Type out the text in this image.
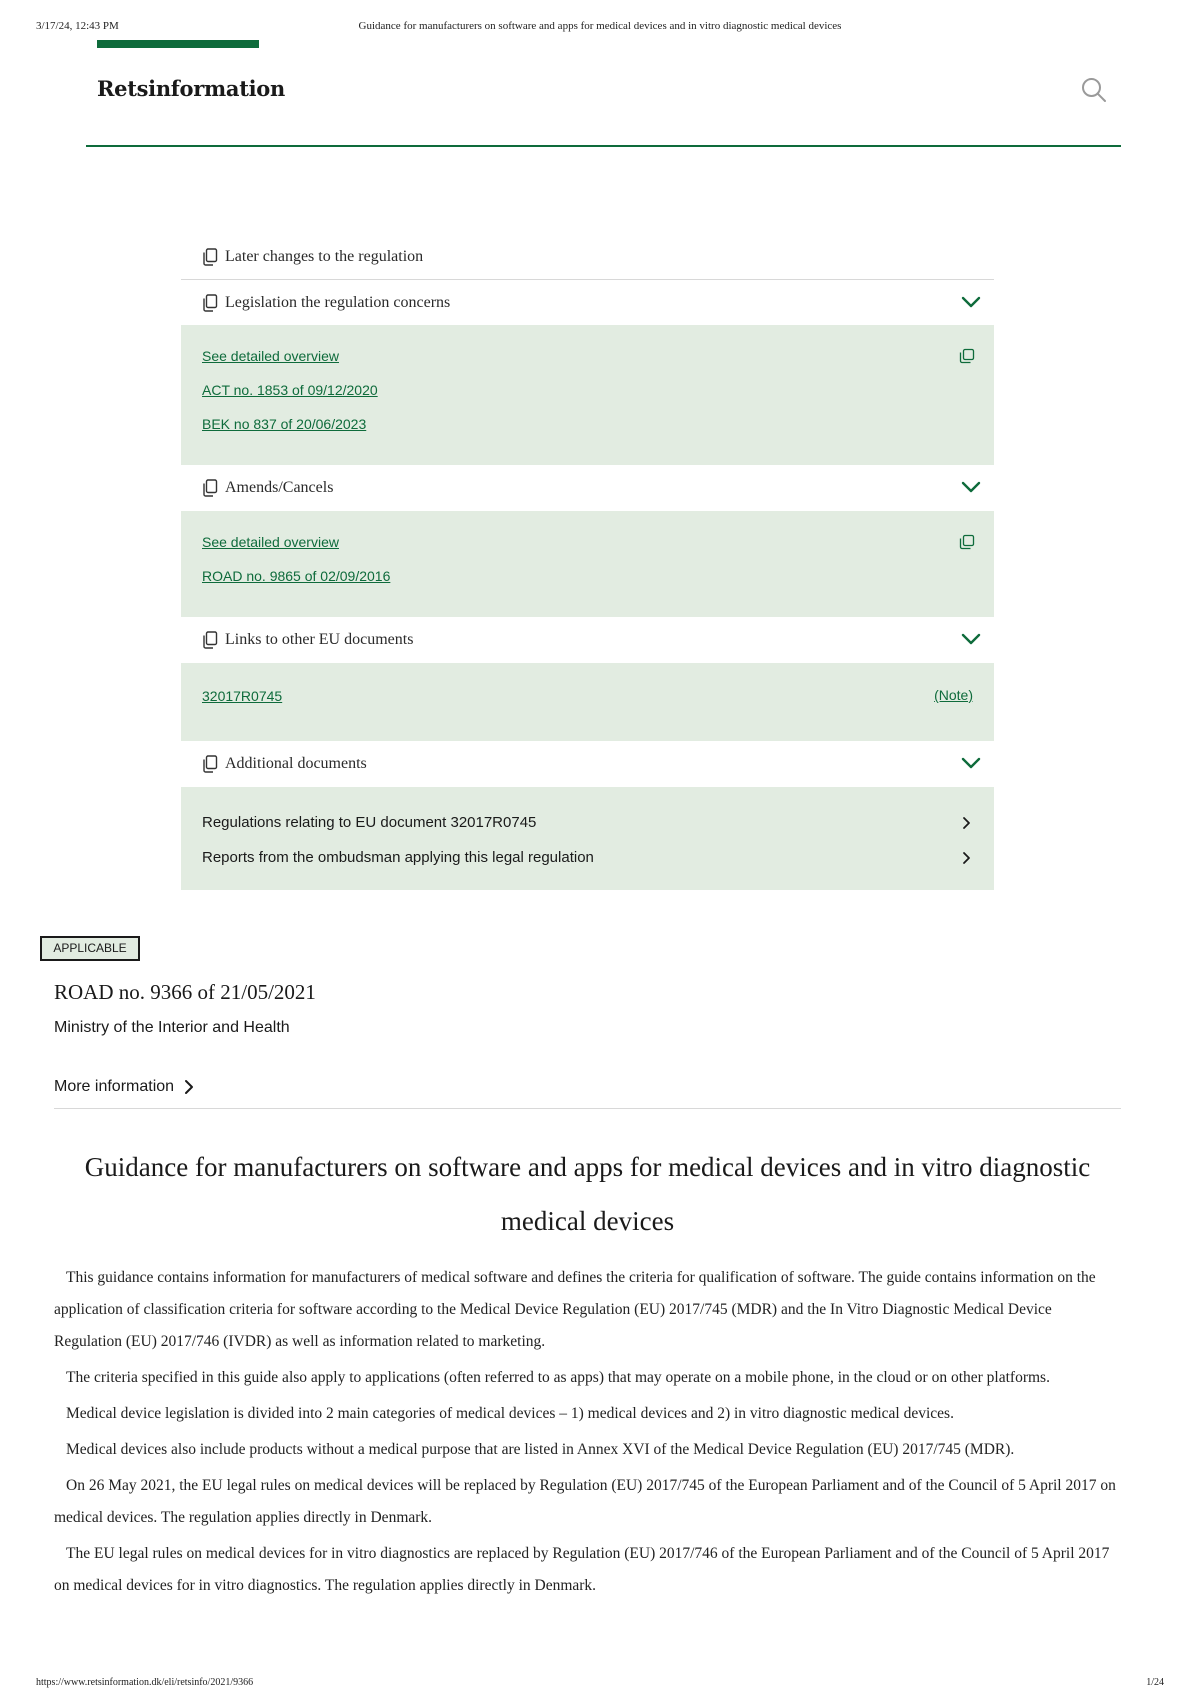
3/17/24, 12:43 PM	Guidance for manufacturers on software and apps for medical devices and in vitro diagnostic medical devices
Retsinformation
Later changes to the regulation
Legislation the regulation concerns
See detailed overview
ACT no. 1853 of 09/12/2020
BEK no 837 of 20/06/2023
Amends/Cancels
See detailed overview
ROAD no. 9865 of 02/09/2016
Links to other EU documents
32017R0745	(Note)
Additional documents
Regulations relating to EU document 32017R0745
Reports from the ombudsman applying this legal regulation
APPLICABLE
ROAD no. 9366 of 21/05/2021
Ministry of the Interior and Health
More information
Guidance for manufacturers on software and apps for medical devices and in vitro diagnostic medical devices

This guidance contains information for manufacturers of medical software and defines the criteria for qualification of software. The guide contains information on the application of classification criteria for software according to the Medical Device Regulation (EU) 2017/745 (MDR) and the In Vitro Diagnostic Medical Device Regulation (EU) 2017/746 (IVDR) as well as information related to marketing.

The criteria specified in this guide also apply to applications (often referred to as apps) that may operate on a mobile phone, in the cloud or on other platforms.

Medical device legislation is divided into 2 main categories of medical devices – 1) medical devices and 2) in vitro diagnostic medical devices.

Medical devices also include products without a medical purpose that are listed in Annex XVI of the Medical Device Regulation (EU) 2017/745 (MDR).

On 26 May 2021, the EU legal rules on medical devices will be replaced by Regulation (EU) 2017/745 of the European Parliament and of the Council of 5 April 2017 on medical devices. The regulation applies directly in Denmark.

The EU legal rules on medical devices for in vitro diagnostics are replaced by Regulation (EU) 2017/746 of the European Parliament and of the Council of 5 April 2017 on medical devices for in vitro diagnostics. The regulation applies directly in Denmark.

https://www.retsinformation.dk/eli/retsinfo/2021/9366	1/24
